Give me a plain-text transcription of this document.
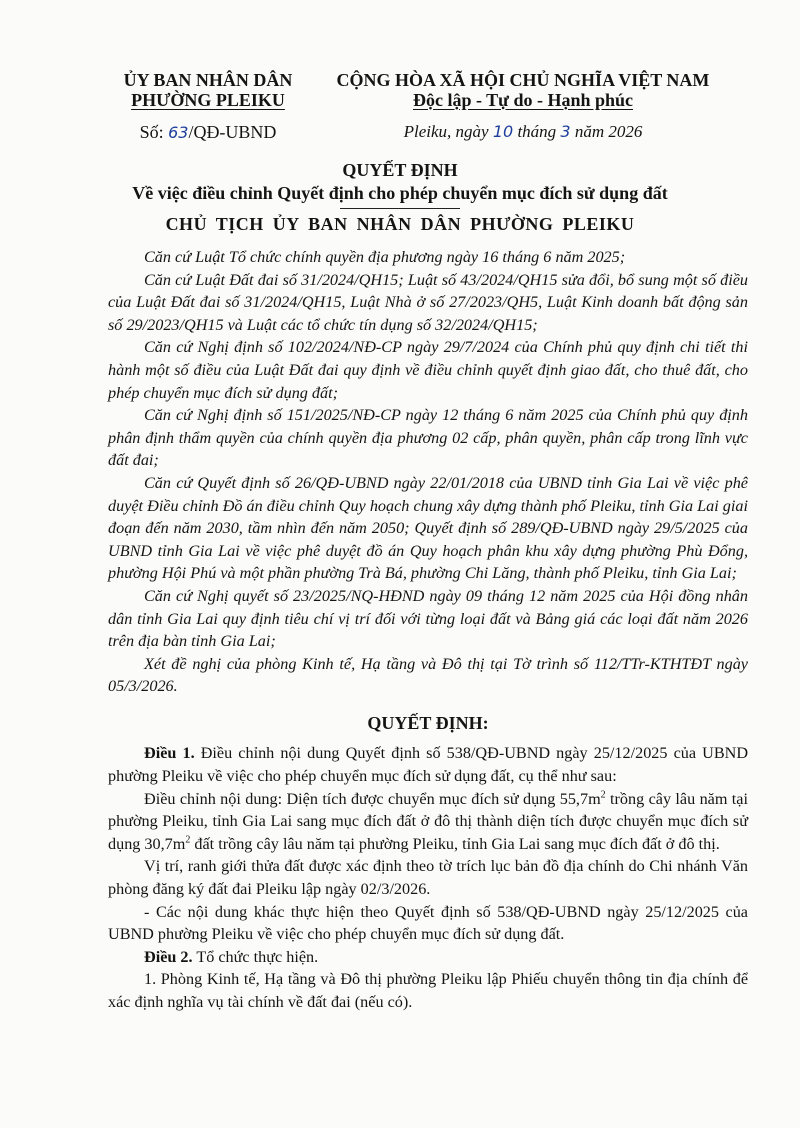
ỦY BAN NHÂN DÂN

PHƯỜNG PLEIKU

Số: 63/QĐ-UBND

CỘNG HÒA XÃ HỘI CHỦ NGHĨA VIỆT NAM

Độc lập - Tự do - Hạnh phúc

Pleiku, ngày 10 tháng 3 năm 2026
QUYẾT ĐỊNH
Về việc điều chỉnh Quyết định cho phép chuyển mục đích sử dụng đất
CHỦ TỊCH ỦY BAN NHÂN DÂN PHƯỜNG PLEIKU

Căn cứ Luật Tổ chức chính quyền địa phương ngày 16 tháng 6 năm 2025;

Căn cứ Luật Đất đai số 31/2024/QH15; Luật số 43/2024/QH15 sửa đổi, bổ sung một số điều của Luật Đất đai số 31/2024/QH15, Luật Nhà ở số 27/2023/QH5, Luật Kinh doanh bất động sản số 29/2023/QH15 và Luật các tổ chức tín dụng số 32/2024/QH15;

Căn cứ Nghị định số 102/2024/NĐ-CP ngày 29/7/2024 của Chính phủ quy định chi tiết thi hành một số điều của Luật Đất đai quy định về điều chỉnh quyết định giao đất, cho thuê đất, cho phép chuyển mục đích sử dụng đất;

Căn cứ Nghị định số 151/2025/NĐ-CP ngày 12 tháng 6 năm 2025 của Chính phủ quy định phân định thẩm quyền của chính quyền địa phương 02 cấp, phân quyền, phân cấp trong lĩnh vực đất đai;

Căn cứ Quyết định số 26/QĐ-UBND ngày 22/01/2018 của UBND tỉnh Gia Lai về việc phê duyệt Điều chỉnh Đồ án điều chỉnh Quy hoạch chung xây dựng thành phố Pleiku, tỉnh Gia Lai giai đoạn đến năm 2030, tầm nhìn đến năm 2050; Quyết định số 289/QĐ-UBND ngày 29/5/2025 của UBND tỉnh Gia Lai về việc phê duyệt đồ án Quy hoạch phân khu xây dựng phường Phù Đổng, phường Hội Phú và một phần phường Trà Bá, phường Chi Lăng, thành phố Pleiku, tỉnh Gia Lai;

Căn cứ Nghị quyết số 23/2025/NQ-HĐND ngày 09 tháng 12 năm 2025 của Hội đồng nhân dân tỉnh Gia Lai quy định tiêu chí vị trí đối với từng loại đất và Bảng giá các loại đất năm 2026 trên địa bàn tỉnh Gia Lai;

Xét đề nghị của phòng Kinh tế, Hạ tầng và Đô thị tại Tờ trình số 112/TTr-KTHTĐT ngày 05/3/2026.

QUYẾT ĐỊNH:

Điều 1. Điều chỉnh nội dung Quyết định số 538/QĐ-UBND ngày 25/12/2025 của UBND phường Pleiku về việc cho phép chuyển mục đích sử dụng đất, cụ thể như sau:

Điều chỉnh nội dung: Diện tích được chuyển mục đích sử dụng $55,7m^2$ trồng cây lâu năm tại phường Pleiku, tỉnh Gia Lai sang mục đích đất ở đô thị thành diện tích được chuyển mục đích sử dụng $30,7m^2$ đất trồng cây lâu năm tại phường Pleiku, tỉnh Gia Lai sang mục đích đất ở đô thị.

Vị trí, ranh giới thửa đất được xác định theo tờ trích lục bản đồ địa chính do Chi nhánh Văn phòng đăng ký đất đai Pleiku lập ngày 02/3/2026.

- Các nội dung khác thực hiện theo Quyết định số 538/QĐ-UBND ngày 25/12/2025 của UBND phường Pleiku về việc cho phép chuyển mục đích sử dụng đất.

Điều 2. Tổ chức thực hiện.

1. Phòng Kinh tế, Hạ tầng và Đô thị phường Pleiku lập Phiếu chuyển thông tin địa chính để xác định nghĩa vụ tài chính về đất đai (nếu có).
